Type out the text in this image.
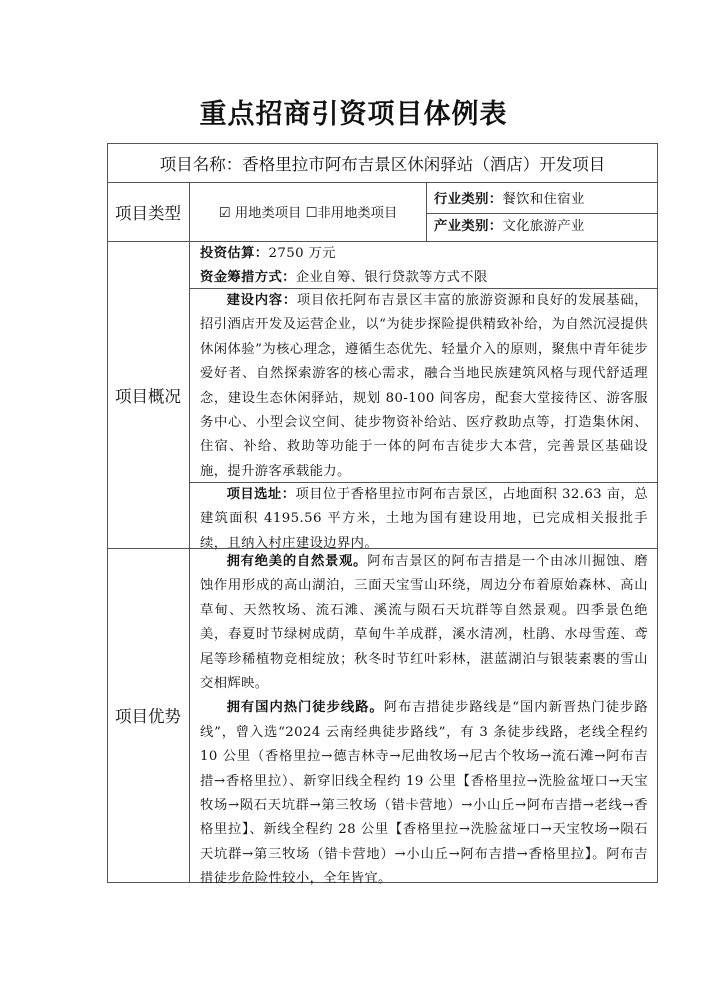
重点招商引资项目体例表
项目名称： 香格里拉市阿布吉景区休闲驿站（酒店）开发项目
项目类型	☑ 用地类项目 ☐非用地类项目
行业类别：餐饮和住宿业
产业类别：文化旅游产业
项目概况
投资估算：2750 万元
资金筹措方式：企业自筹、银行贷款等方式不限
建设内容：项目依托阿布吉景区丰富的旅游资源和良好的发展基础，招引酒店开发及运营企业，以“为徒步探险提供精致补给，为自然沉浸提供休闲体验”为核心理念，遵循生态优先、轻量介入的原则，聚焦中青年徒步爱好者、自然探索游客的核心需求，融合当地民族建筑风格与现代舒适理念，建设生态休闲驿站，规划 80-100 间客房，配套大堂接待区、游客服务中心、小型会议空间、徒步物资补给站、医疗救助点等，打造集休闲、住宿、补给、救助等功能于一体的阿布吉徒步大本营，完善景区基础设施，提升游客承载能力。
项目选址：项目位于香格里拉市阿布吉景区，占地面积 32.63 亩，总建筑面积 4195.56 平方米，土地为国有建设用地，已完成相关报批手续，且纳入村庄建设边界内。
项目优势
拥有绝美的自然景观。阿布吉景区的阿布吉措是一个由冰川掘蚀、磨蚀作用形成的高山湖泊，三面天宝雪山环绕，周边分布着原始森林、高山草甸、天然牧场、流石滩、溪流与陨石天坑群等自然景观。四季景色绝美，春夏时节绿树成荫，草甸牛羊成群，溪水清冽，杜鹃、水母雪莲、鸢尾等珍稀植物竞相绽放；秋冬时节红叶彩林，湛蓝湖泊与银装素裹的雪山交相辉映。
拥有国内热门徒步线路。阿布吉措徒步路线是“国内新晋热门徒步路线”，曾入选“2024 云南经典徒步路线”，有 3 条徒步线路，老线全程约 10 公里（香格里拉→德吉林寺→尼曲牧场→尼古个牧场→流石滩→阿布吉措→香格里拉）、新穿旧线全程约 19 公里【香格里拉→洗脸盆垭口→天宝牧场→陨石天坑群→第三牧场（错卡营地）→小山丘→阿布吉措→老线→香格里拉】、新线全程约 28 公里【香格里拉→洗脸盆垭口→天宝牧场→陨石天坑群→第三牧场（错卡营地）→小山丘→阿布吉措→香格里拉】。阿布吉措徒步危险性较小，全年皆宜。
